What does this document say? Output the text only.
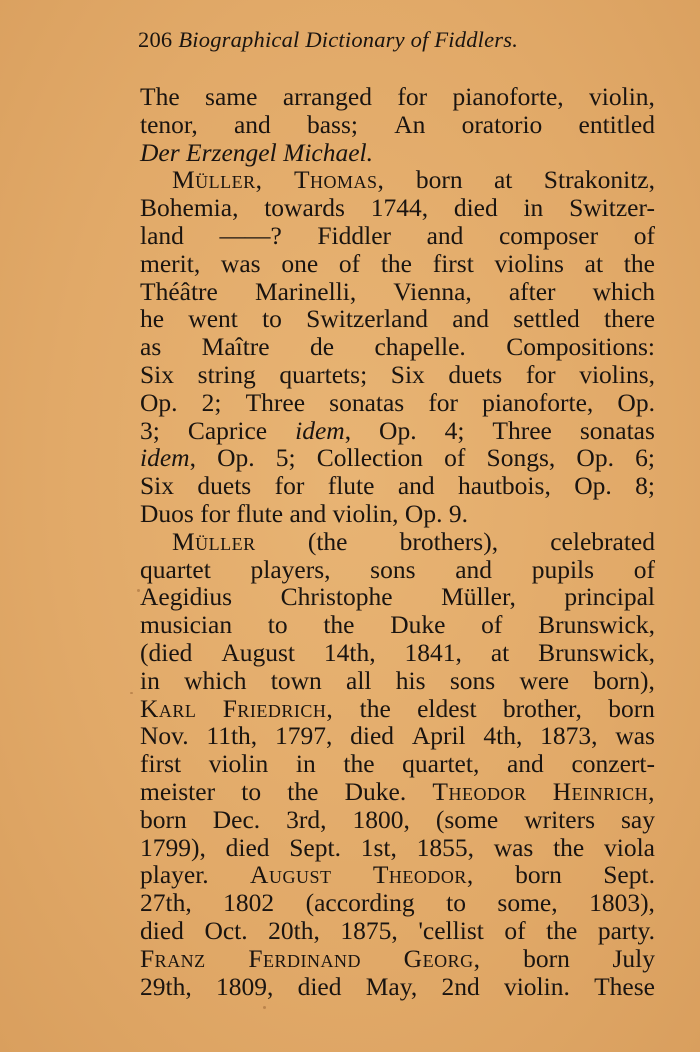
206 Biographical Dictionary of Fiddlers.
The same arranged for pianoforte, violin,
tenor, and bass; An oratorio entitled
Der Erzengel Michael.
Müller, Thomas, born at Strakonitz,
Bohemia, towards 1744, died in Switzer-
land ——? Fiddler and composer of
merit, was one of the first violins at the
Théâtre Marinelli, Vienna, after which
he went to Switzerland and settled there
as Maître de chapelle. Compositions:
Six string quartets; Six duets for violins,
Op. 2; Three sonatas for pianoforte, Op.
3; Caprice idem, Op. 4; Three sonatas
idem, Op. 5; Collection of Songs, Op. 6;
Six duets for flute and hautbois, Op. 8;
Duos for flute and violin, Op. 9.
Müller (the brothers), celebrated
quartet players, sons and pupils of
Aegidius Christophe Müller, principal
musician to the Duke of Brunswick,
(died August 14th, 1841, at Brunswick,
in which town all his sons were born),
Karl Friedrich, the eldest brother, born
Nov. 11th, 1797, died April 4th, 1873, was
first violin in the quartet, and conzert-
meister to the Duke. Theodor Heinrich,
born Dec. 3rd, 1800, (some writers say
1799), died Sept. 1st, 1855, was the viola
player. August Theodor, born Sept.
27th, 1802 (according to some, 1803),
died Oct. 20th, 1875, 'cellist of the party.
Franz Ferdinand Georg, born July
29th, 1809, died May, 2nd violin. These
